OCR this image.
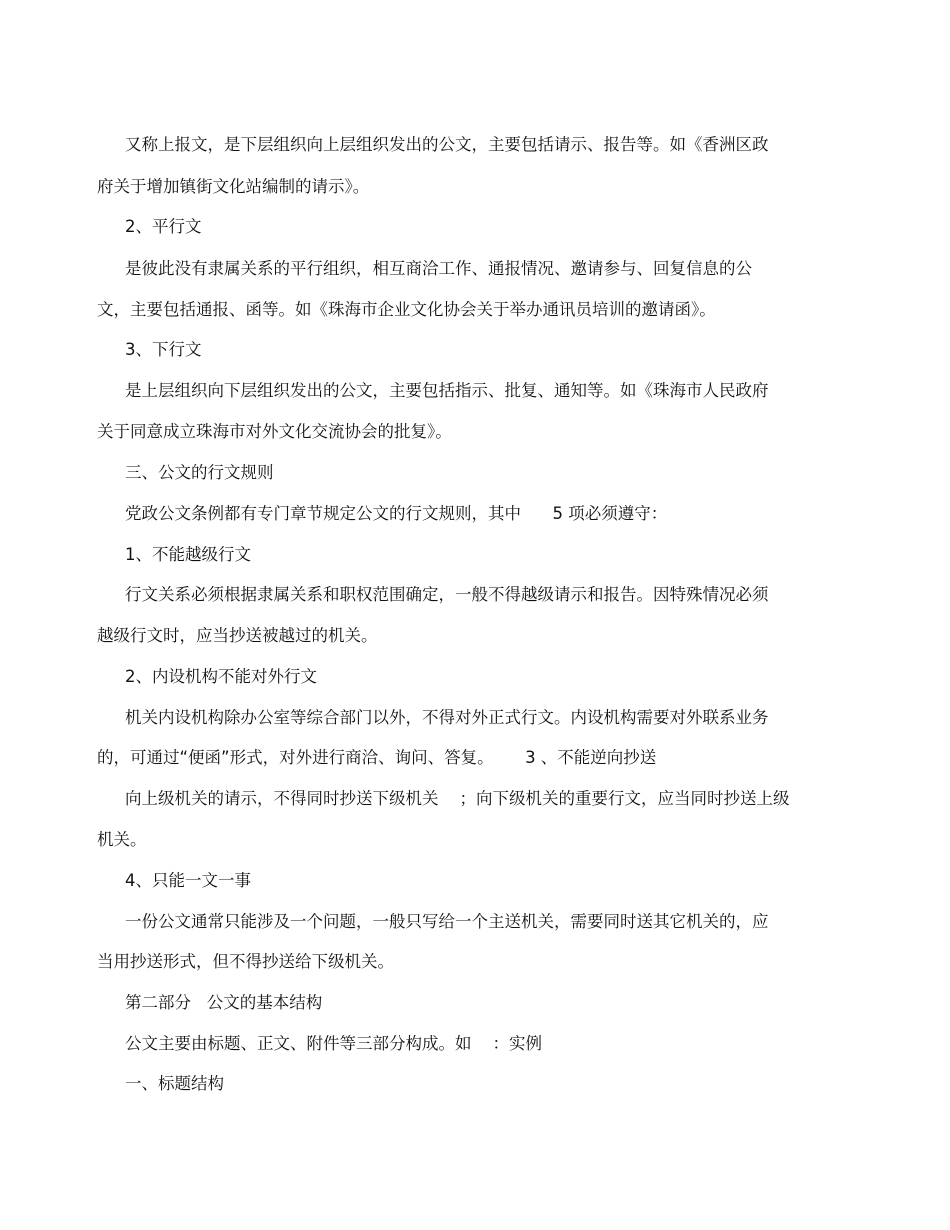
又称上报文，是下层组织向上层组织发出的公文，主要包括请示、报告等。如《香洲区政
府关于增加镇街文化站编制的请示》。
2、平行文
是彼此没有隶属关系的平行组织，相互商洽工作、通报情况、邀请参与、回复信息的公
文，主要包括通报、函等。如《珠海市企业文化协会关于举办通讯员培训的邀请函》。
3、下行文
是上层组织向下层组织发出的公文，主要包括指示、批复、通知等。如《珠海市人民政府
关于同意成立珠海市对外文化交流协会的批复》。
三、公文的行文规则
党政公文条例都有专门章节规定公文的行文规则，其中      5 项必须遵守：
1、不能越级行文
行文关系必须根据隶属关系和职权范围确定，一般不得越级请示和报告。因特殊情况必须
越级行文时，应当抄送被越过的机关。
2、内设机构不能对外行文
机关内设机构除办公室等综合部门以外，不得对外正式行文。内设机构需要对外联系业务
的，可通过“便函”形式，对外进行商洽、询问、答复。      3 、不能逆向抄送
向上级机关的请示，不得同时抄送下级机关    ；向下级机关的重要行文，应当同时抄送上级
机关。
4、只能一文一事
一份公文通常只能涉及一个问题，一般只写给一个主送机关，需要同时送其它机关的，应
当用抄送形式，但不得抄送给下级机关。
第二部分   公文的基本结构
公文主要由标题、正文、附件等三部分构成。如    ：实例
一、标题结构
